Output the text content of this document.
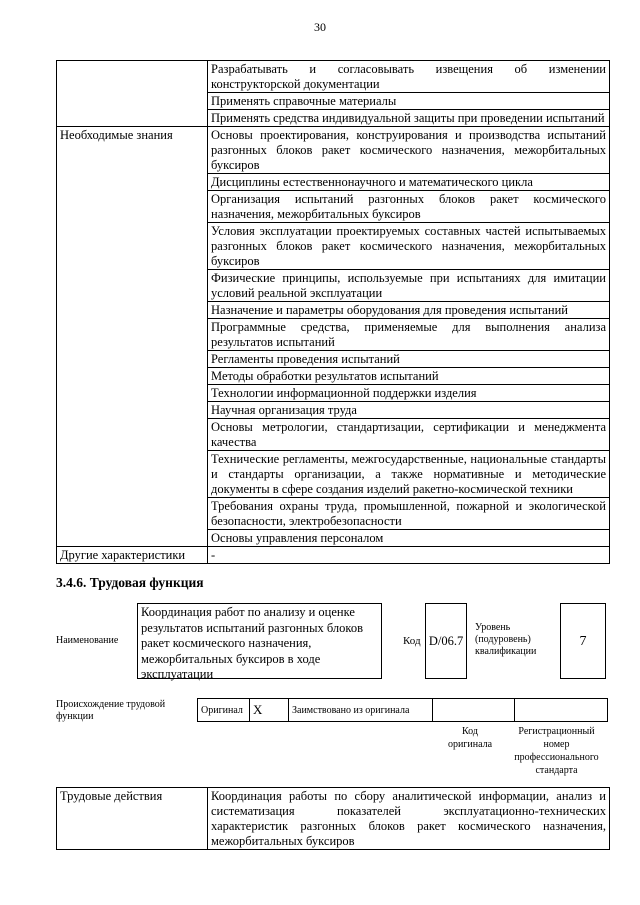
30
	Разрабатывать и согласовывать извещения об изменении конструкторской документации
	Применять справочные материалы
	Применять средства индивидуальной защиты при проведении испытаний
Необходимые знания	Основы проектирования, конструирования и производства испытаний разгонных блоков ракет космического назначения, межорбитальных буксиров
	Дисциплины естественнонаучного и математического цикла
	Организация испытаний разгонных блоков ракет космического назначения, межорбитальных буксиров
	Условия эксплуатации проектируемых составных частей испытываемых разгонных блоков ракет космического назначения, межорбитальных буксиров
	Физические принципы, используемые при испытаниях для имитации условий реальной эксплуатации
	Назначение и параметры оборудования для проведения испытаний
	Программные средства, применяемые для выполнения анализа результатов испытаний
	Регламенты проведения испытаний
	Методы обработки результатов испытаний
	Технологии информационной поддержки изделия
	Научная организация труда
	Основы метрологии, стандартизации, сертификации и менеджмента качества
	Технические регламенты, межгосударственные, национальные стандарты и стандарты организации, а также нормативные и методические документы в сфере создания изделий ракетно-космической техники
	Требования охраны труда, промышленной, пожарной и экологической безопасности, электробезопасности
	Основы управления персоналом
Другие характеристики	-
3.4.6. Трудовая функция
Наименование
Координация работ по анализу и оценке результатов испытаний разгонных блоков ракет космического назначения, межорбитальных буксиров в ходе эксплуатации
Код D/06.7
Уровень (подуровень) квалификации
7
Происхождение трудовой функции
Оригинал	X	Заимствовано из оригинала		
Код оригинала
Регистрационный номер профессионального стандарта
Трудовые действия	Координация работы по сбору аналитической информации, анализ и систематизация показателей эксплуатационно-технических характеристик разгонных блоков ракет космического назначения, межорбитальных буксиров
